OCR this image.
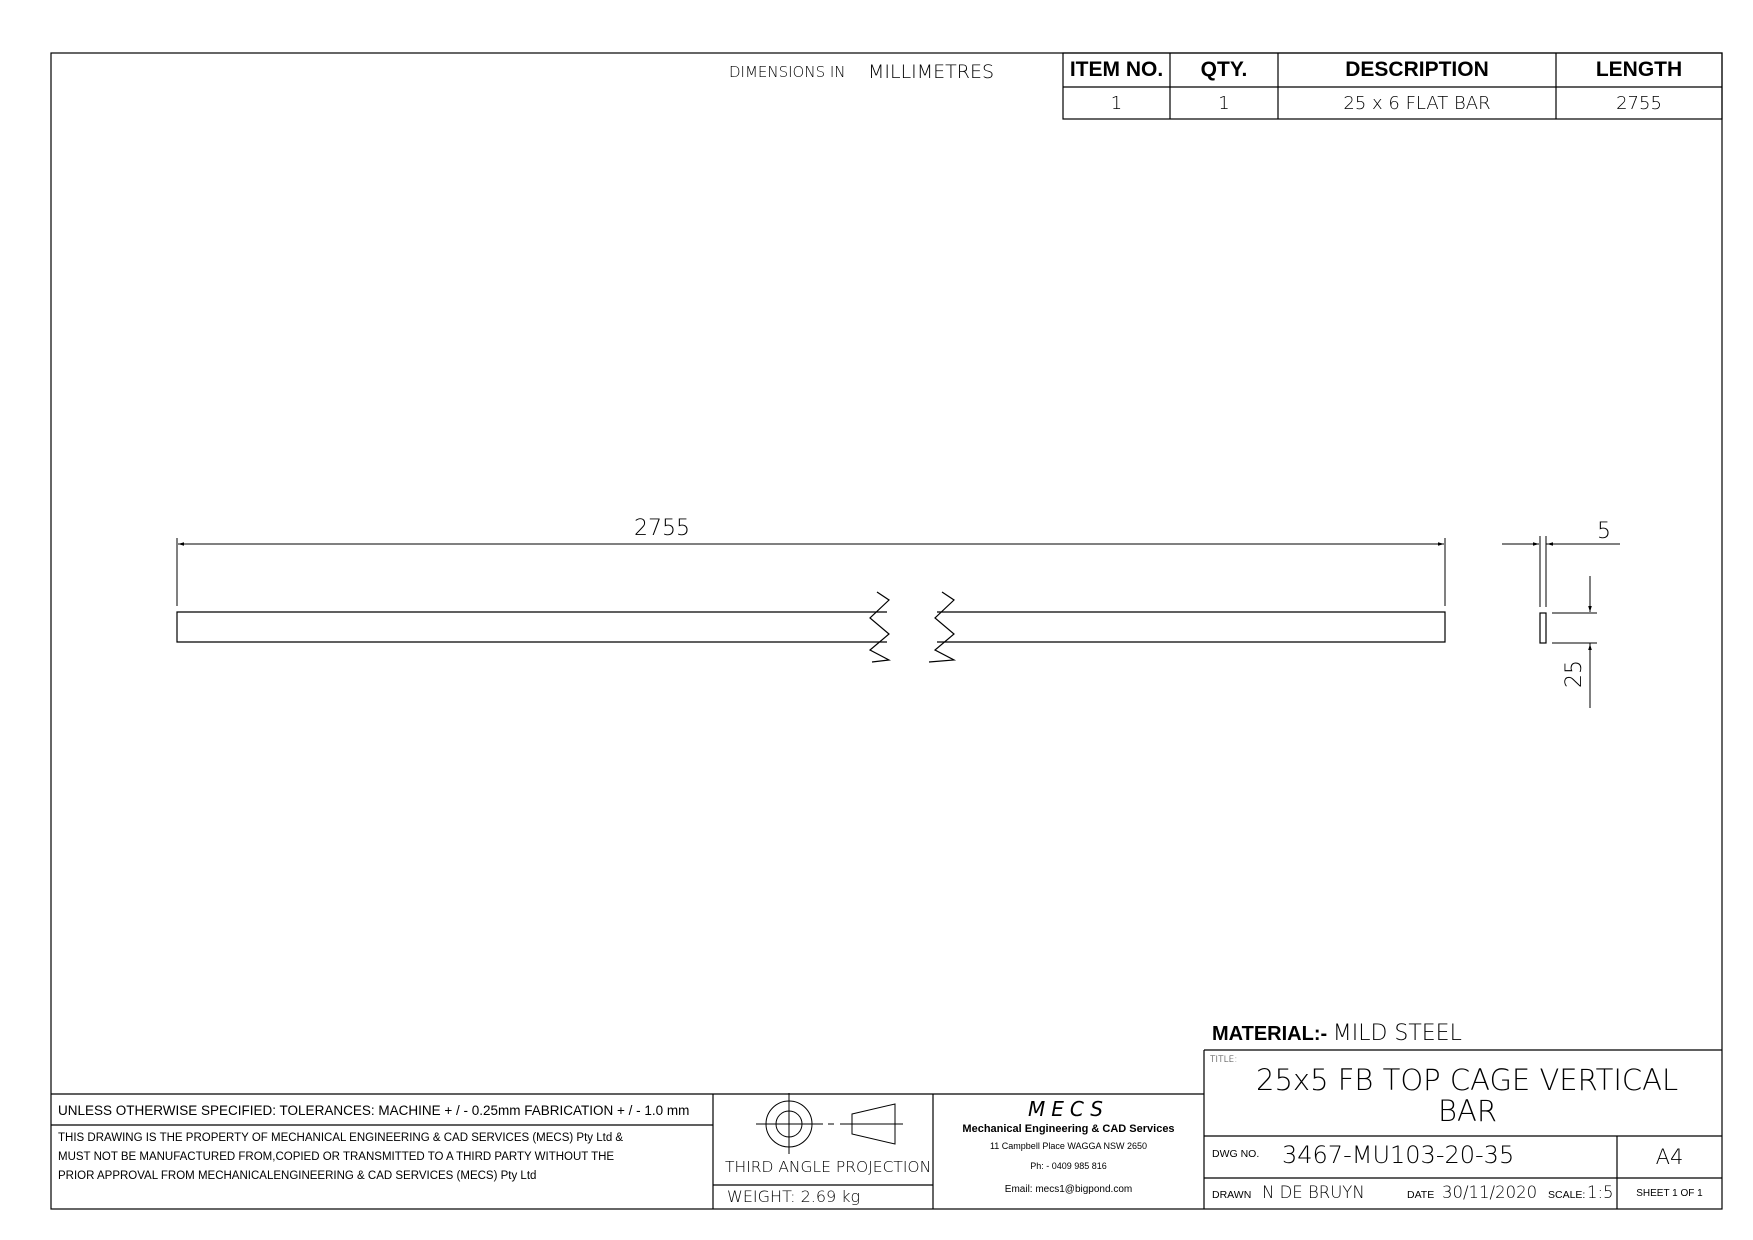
DIMENSIONS IN MILLIMETRES	ITEM NO.	QTY.	DESCRIPTION	LENGTH
1	1	25 x 6 FLAT BAR	2755
2755	5
25
MATERIAL:- MILD STEEL
TITLE:
25x5 FB TOP CAGE VERTICAL
BAR
UNLESS OTHERWISE SPECIFIED: TOLERANCES: MACHINE + / - 0.25mm FABRICATION + / - 1.0 mm
THIS DRAWING IS THE PROPERTY OF MECHANICAL ENGINEERING & CAD SERVICES (MECS) Pty Ltd &
MUST NOT BE MANUFACTURED FROM,COPIED OR TRANSMITTED TO A THIRD PARTY WITHOUT THE
PRIOR APPROVAL FROM MECHANICALENGINEERING & CAD SERVICES (MECS) Pty Ltd	THIRD ANGLE PROJECTION
WEIGHT: 2.69 kg
MECS
Mechanical Engineering & CAD Services
11 Campbell Place WAGGA NSW 2650
Ph: - 0409 985 816
Email: mecs1@bigpond.com
DWG NO. 3467-MU103-20-35	A4
DRAWN N DE BRUYN	DATE 30/11/2020 SCALE: 1:5	SHEET 1 OF 1
